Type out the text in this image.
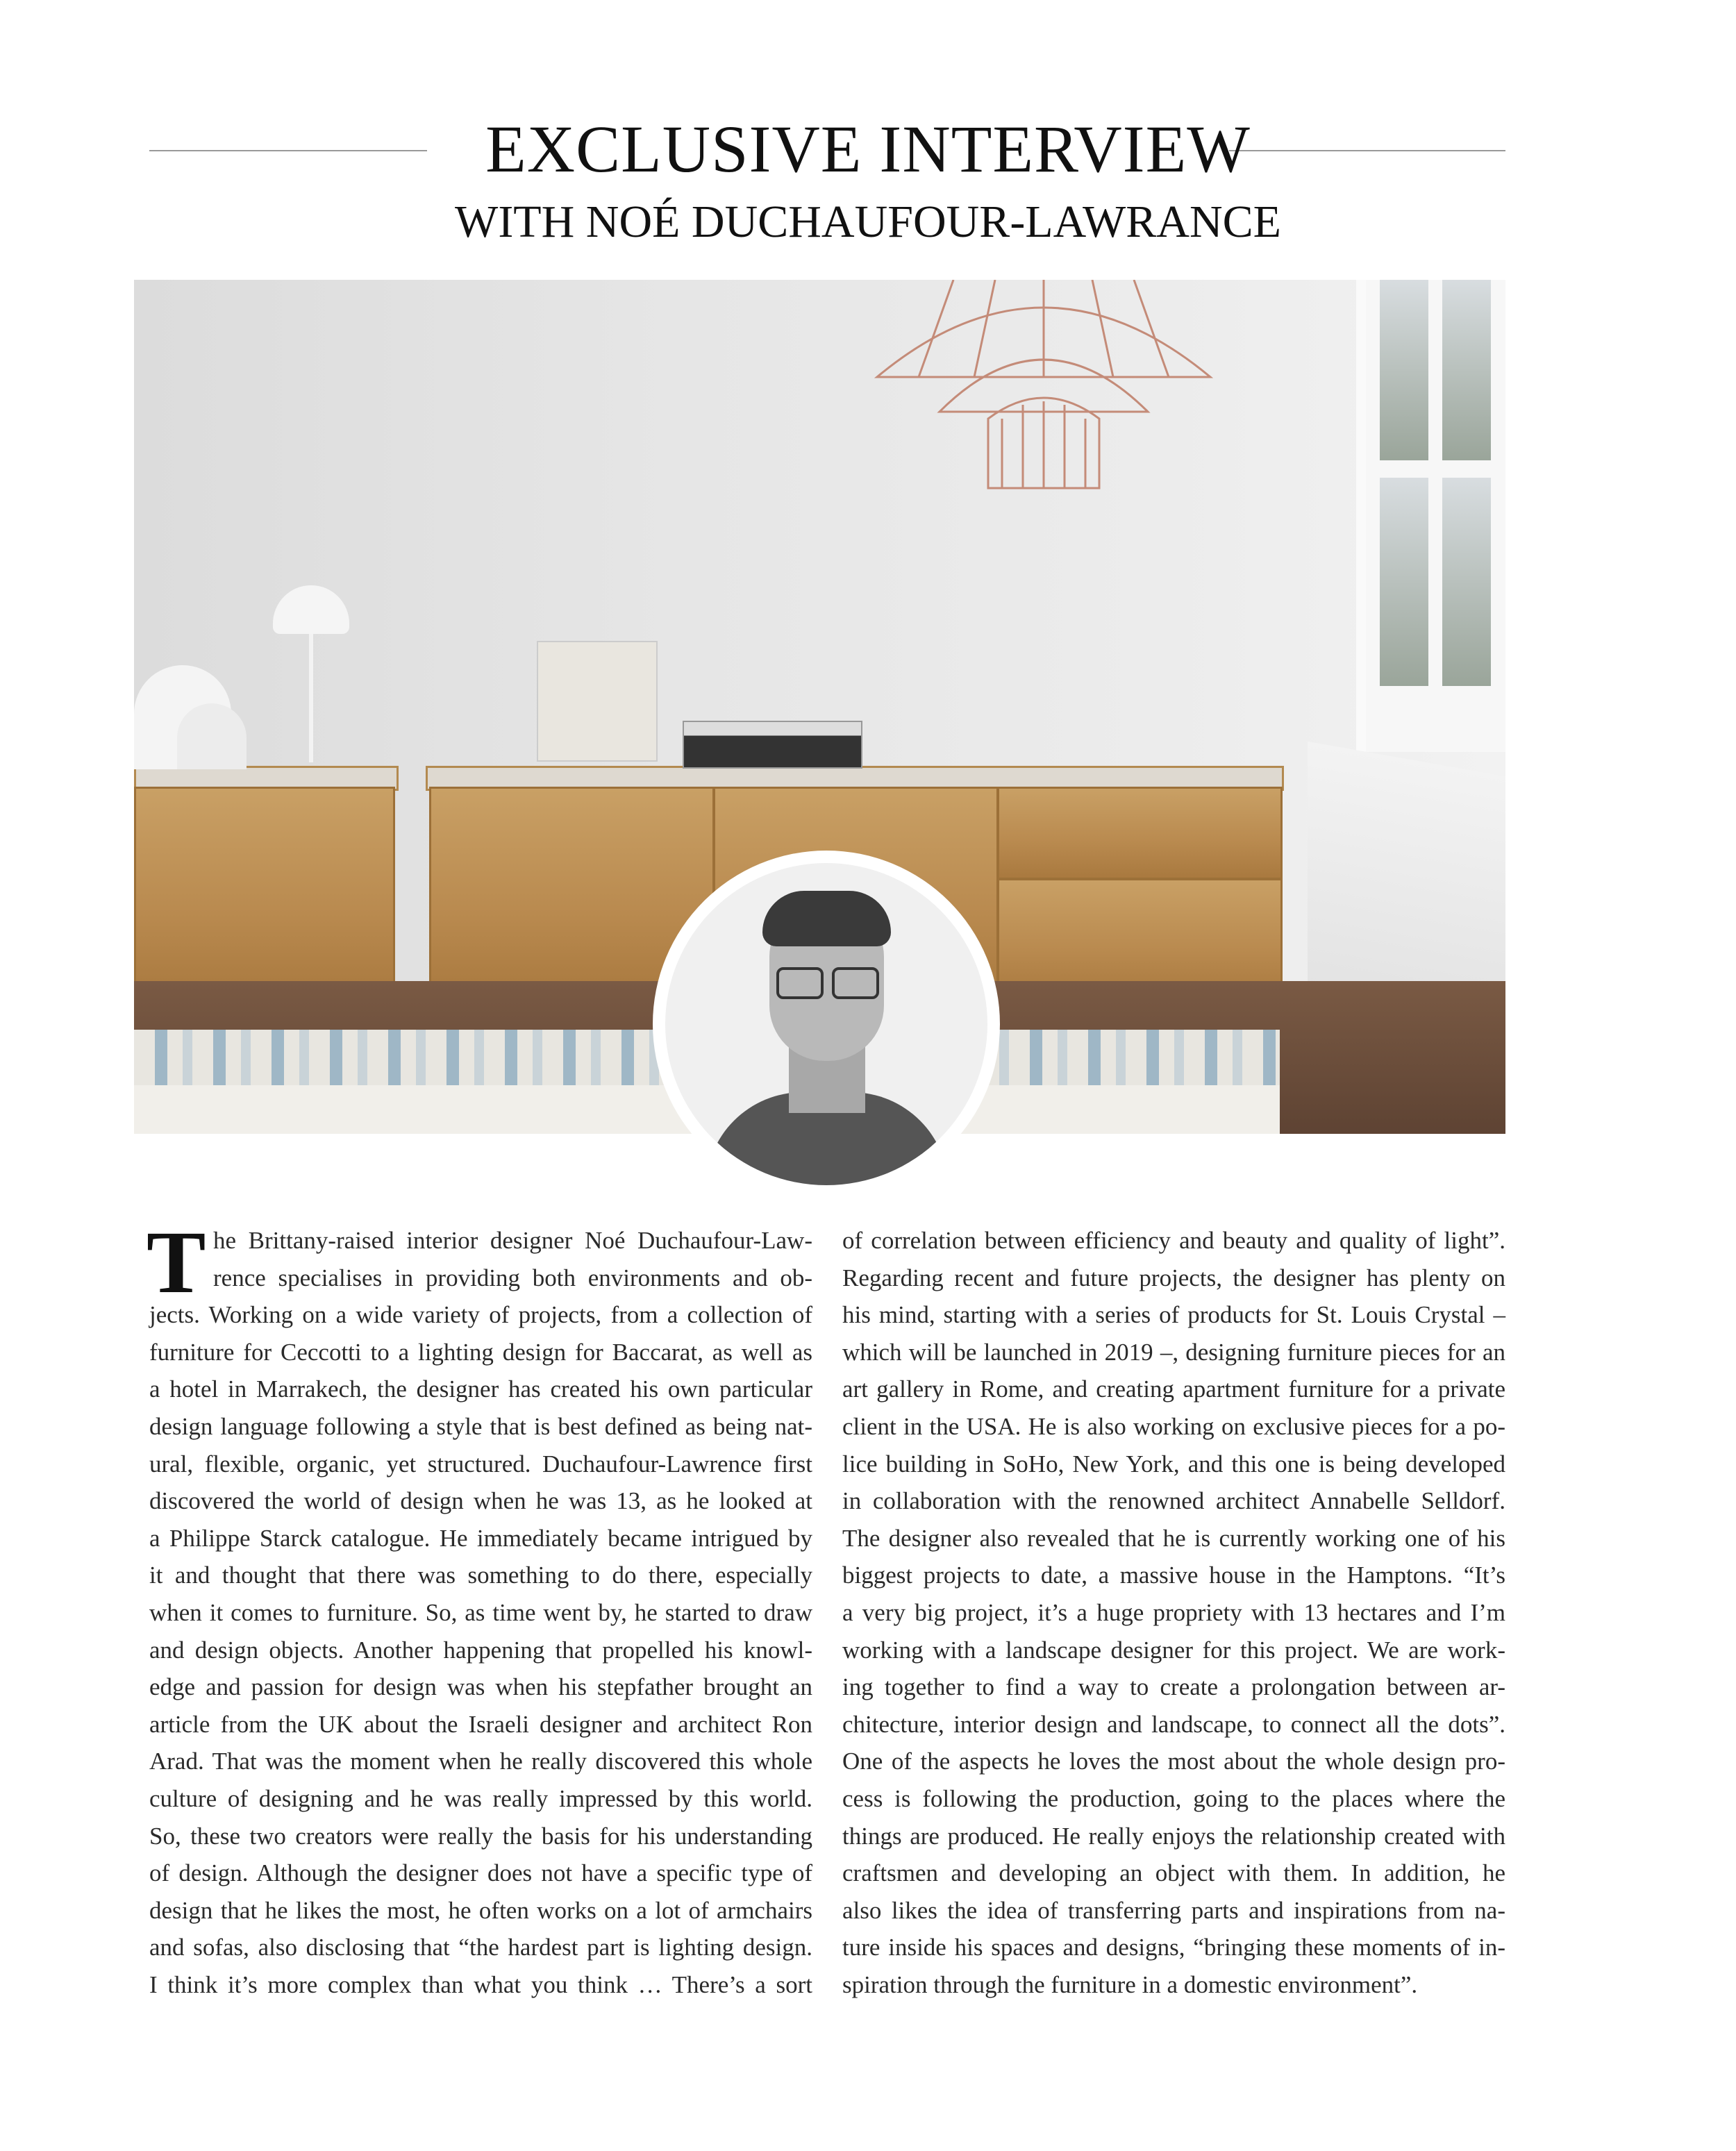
EXCLUSIVE INTERVIEW
WITH NOÉ DUCHAUFOUR-LAWRANCE
T he Brittany-raised interior designer Noé Duchaufour-Law-
rence specialises in providing both environments and ob-
jects. Working on a wide variety of projects, from a collection of
furniture for Ceccotti to a lighting design for Baccarat, as well as
a hotel in Marrakech, the designer has created his own particular
design language following a style that is best defined as being nat-
ural, flexible, organic, yet structured. Duchaufour-Lawrence first
discovered the world of design when he was 13, as he looked at
a Philippe Starck catalogue. He immediately became intrigued by
it and thought that there was something to do there, especially
when it comes to furniture. So, as time went by, he started to draw
and design objects. Another happening that propelled his knowl-
edge and passion for design was when his stepfather brought an
article from the UK about the Israeli designer and architect Ron
Arad. That was the moment when he really discovered this whole
culture of designing and he was really impressed by this world.
So, these two creators were really the basis for his understanding
of design. Although the designer does not have a specific type of
design that he likes the most, he often works on a lot of armchairs
and sofas, also disclosing that “the hardest part is lighting design.
I think it’s more complex than what you think … There’s a sort
of correlation between efficiency and beauty and quality of light”.
Regarding recent and future projects, the designer has plenty on
his mind, starting with a series of products for St. Louis Crystal –
which will be launched in 2019 –, designing furniture pieces for an
art gallery in Rome, and creating apartment furniture for a private
client in the USA. He is also working on exclusive pieces for a po-
lice building in SoHo, New York, and this one is being developed
in collaboration with the renowned architect Annabelle Selldorf.
The designer also revealed that he is currently working one of his
biggest projects to date, a massive house in the Hamptons. “It’s
a very big project, it’s a huge propriety with 13 hectares and I’m
working with a landscape designer for this project. We are work-
ing together to find a way to create a prolongation between ar-
chitecture, interior design and landscape, to connect all the dots”.
One of the aspects he loves the most about the whole design pro-
cess is following the production, going to the places where the
things are produced. He really enjoys the relationship created with
craftsmen and developing an object with them. In addition, he
also likes the idea of transferring parts and inspirations from na-
ture inside his spaces and designs, “bringing these moments of in-
spiration through the furniture in a domestic environment”.
